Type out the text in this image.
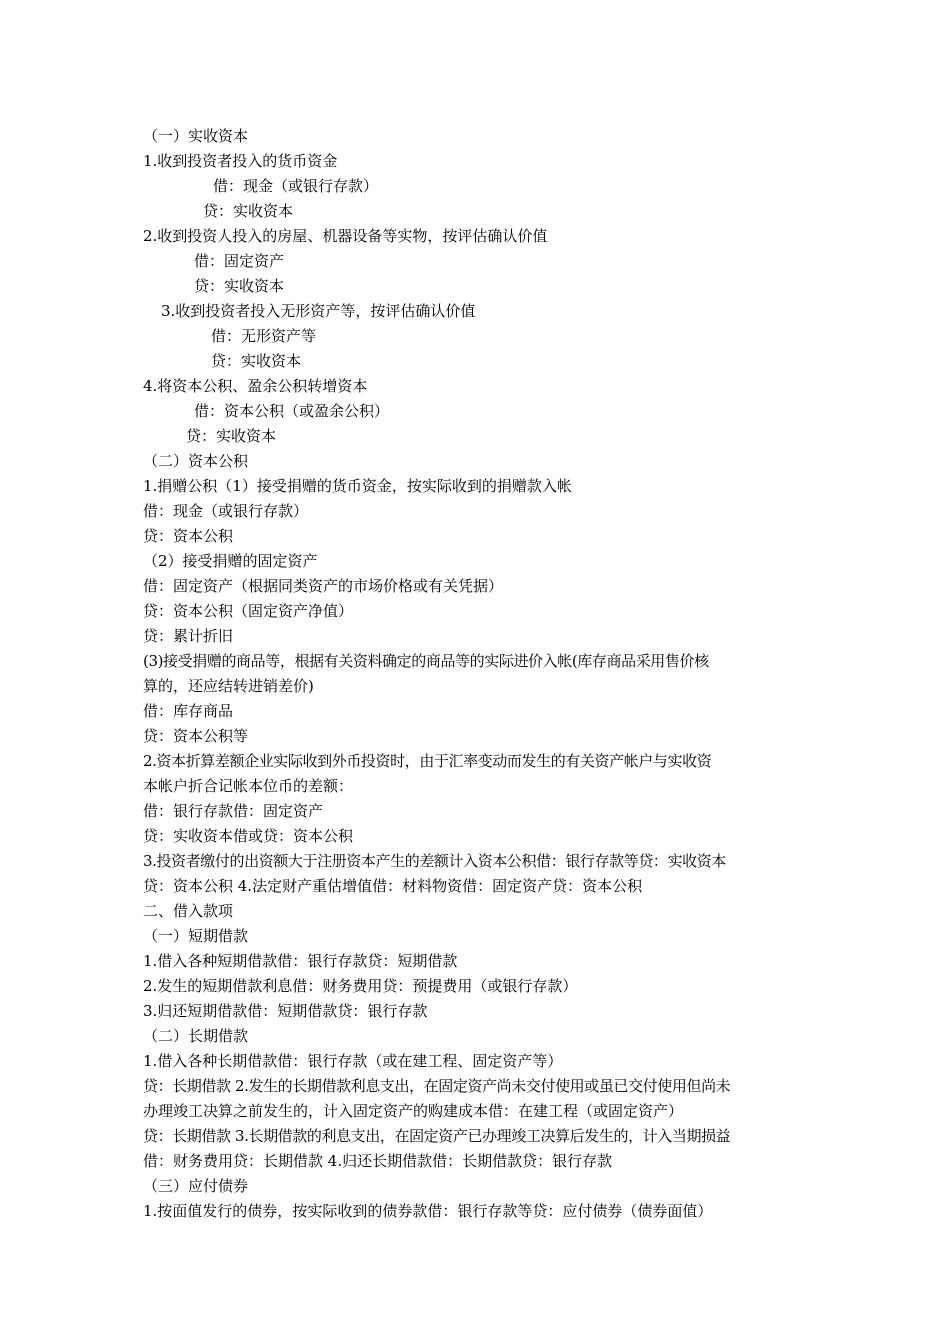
（一）实收资本
1.收到投资者投入的货币资金
借：现金（或银行存款）
贷：实收资本
2.收到投资人投入的房屋、机器设备等实物，按评估确认价值
借：固定资产
贷：实收资本
3.收到投资者投入无形资产等，按评估确认价值
借：无形资产等
贷：实收资本
4.将资本公积、盈余公积转增资本
借：资本公积（或盈余公积）
贷：实收资本
（二）资本公积
1.捐赠公积（1）接受捐赠的货币资金，按实际收到的捐赠款入帐
借：现金（或银行存款）
贷：资本公积
（2）接受捐赠的固定资产
借：固定资产（根据同类资产的市场价格或有关凭据）
贷：资本公积（固定资产净值）
贷：累计折旧
(3)接受捐赠的商品等，根据有关资料确定的商品等的实际进价入帐(库存商品采用售价核
算的，还应结转进销差价)
借：库存商品
贷：资本公积等
2.资本折算差额企业实际收到外币投资时，由于汇率变动而发生的有关资产帐户与实收资
本帐户折合记帐本位币的差额：
借：银行存款借：固定资产
贷：实收资本借或贷：资本公积
3.投资者缴付的出资额大于注册资本产生的差额计入资本公积借：银行存款等贷：实收资本
贷：资本公积 4.法定财产重估增值借：材料物资借：固定资产贷：资本公积
二、借入款项
（一）短期借款
1.借入各种短期借款借：银行存款贷：短期借款
2.发生的短期借款利息借：财务费用贷：预提费用（或银行存款）
3.归还短期借款借：短期借款贷：银行存款
（二）长期借款
1.借入各种长期借款借：银行存款（或在建工程、固定资产等）
贷：长期借款 2.发生的长期借款利息支出，在固定资产尚未交付使用或虽已交付使用但尚未
办理竣工决算之前发生的，计入固定资产的购建成本借：在建工程（或固定资产）
贷：长期借款 3.长期借款的利息支出，在固定资产已办理竣工决算后发生的，计入当期损益
借：财务费用贷：长期借款 4.归还长期借款借：长期借款贷：银行存款
（三）应付债券
1.按面值发行的债券，按实际收到的债券款借：银行存款等贷：应付债券（债券面值）
